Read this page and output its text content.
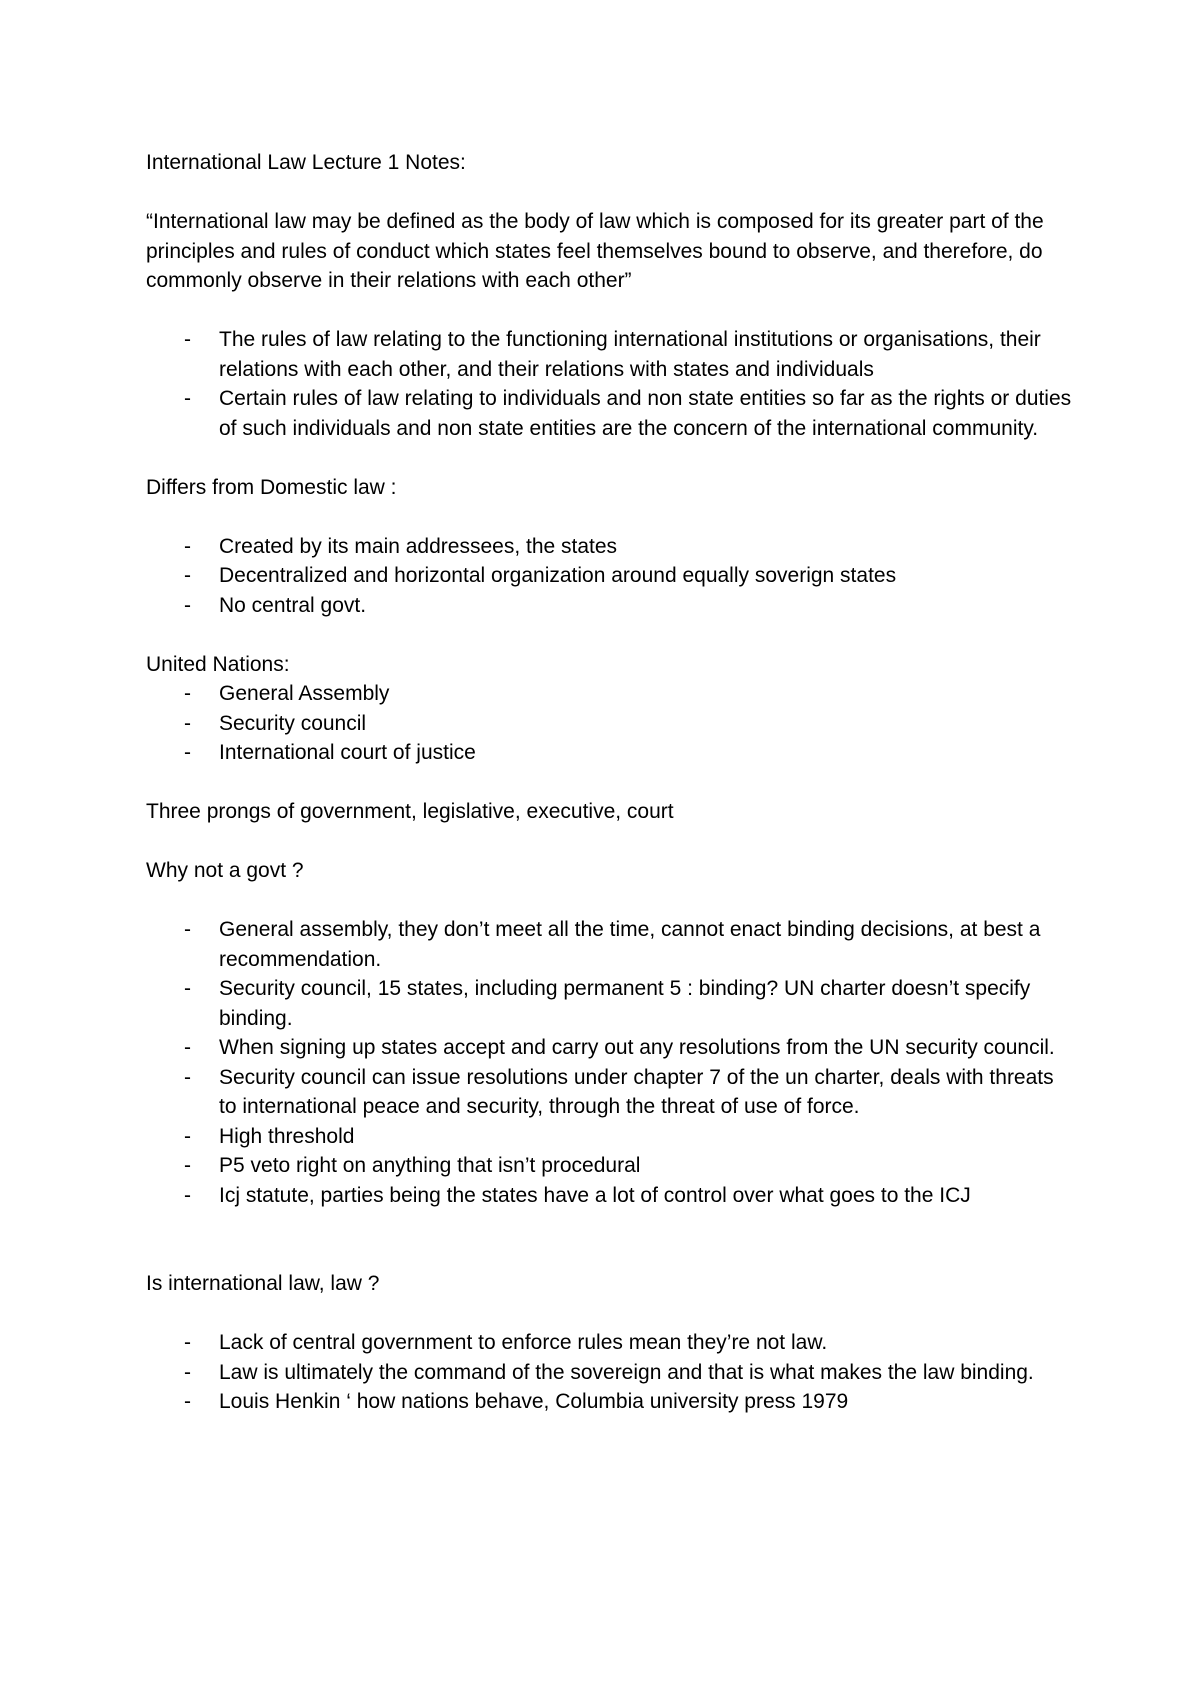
International Law Lecture 1 Notes:

“International law may be defined as the body of law which is composed for its greater part of the principles and rules of conduct which states feel themselves bound to observe, and therefore, do commonly observe in their relations with each other”

- The rules of law relating to the functioning international institutions or organisations, their relations with each other, and their relations with states and individuals
- Certain rules of law relating to individuals and non state entities so far as the rights or duties of such individuals and non state entities are the concern of the international community.

Differs from Domestic law :

- Created by its main addressees, the states
- Decentralized and horizontal organization around equally soverign states
- No central govt.

United Nations:

- General Assembly
- Security council
- International court of justice

Three prongs of government, legislative, executive, court

Why not a govt ?

- General assembly, they don’t meet all the time, cannot enact binding decisions, at best a recommendation.
- Security council, 15 states, including permanent 5 : binding? UN charter doesn’t specify binding.
- When signing up states accept and carry out any resolutions from the UN security council.
- Security council can issue resolutions under chapter 7 of the un charter, deals with threats to international peace and security, through the threat of use of force.
- High threshold
- P5 veto right on anything that isn’t procedural
- Icj statute, parties being the states have a lot of control over what goes to the ICJ

Is international law, law ?

- Lack of central government to enforce rules mean they’re not law.
- Law is ultimately the command of the sovereign and that is what makes the law binding.
- Louis Henkin ‘ how nations behave, Columbia university press 1979
